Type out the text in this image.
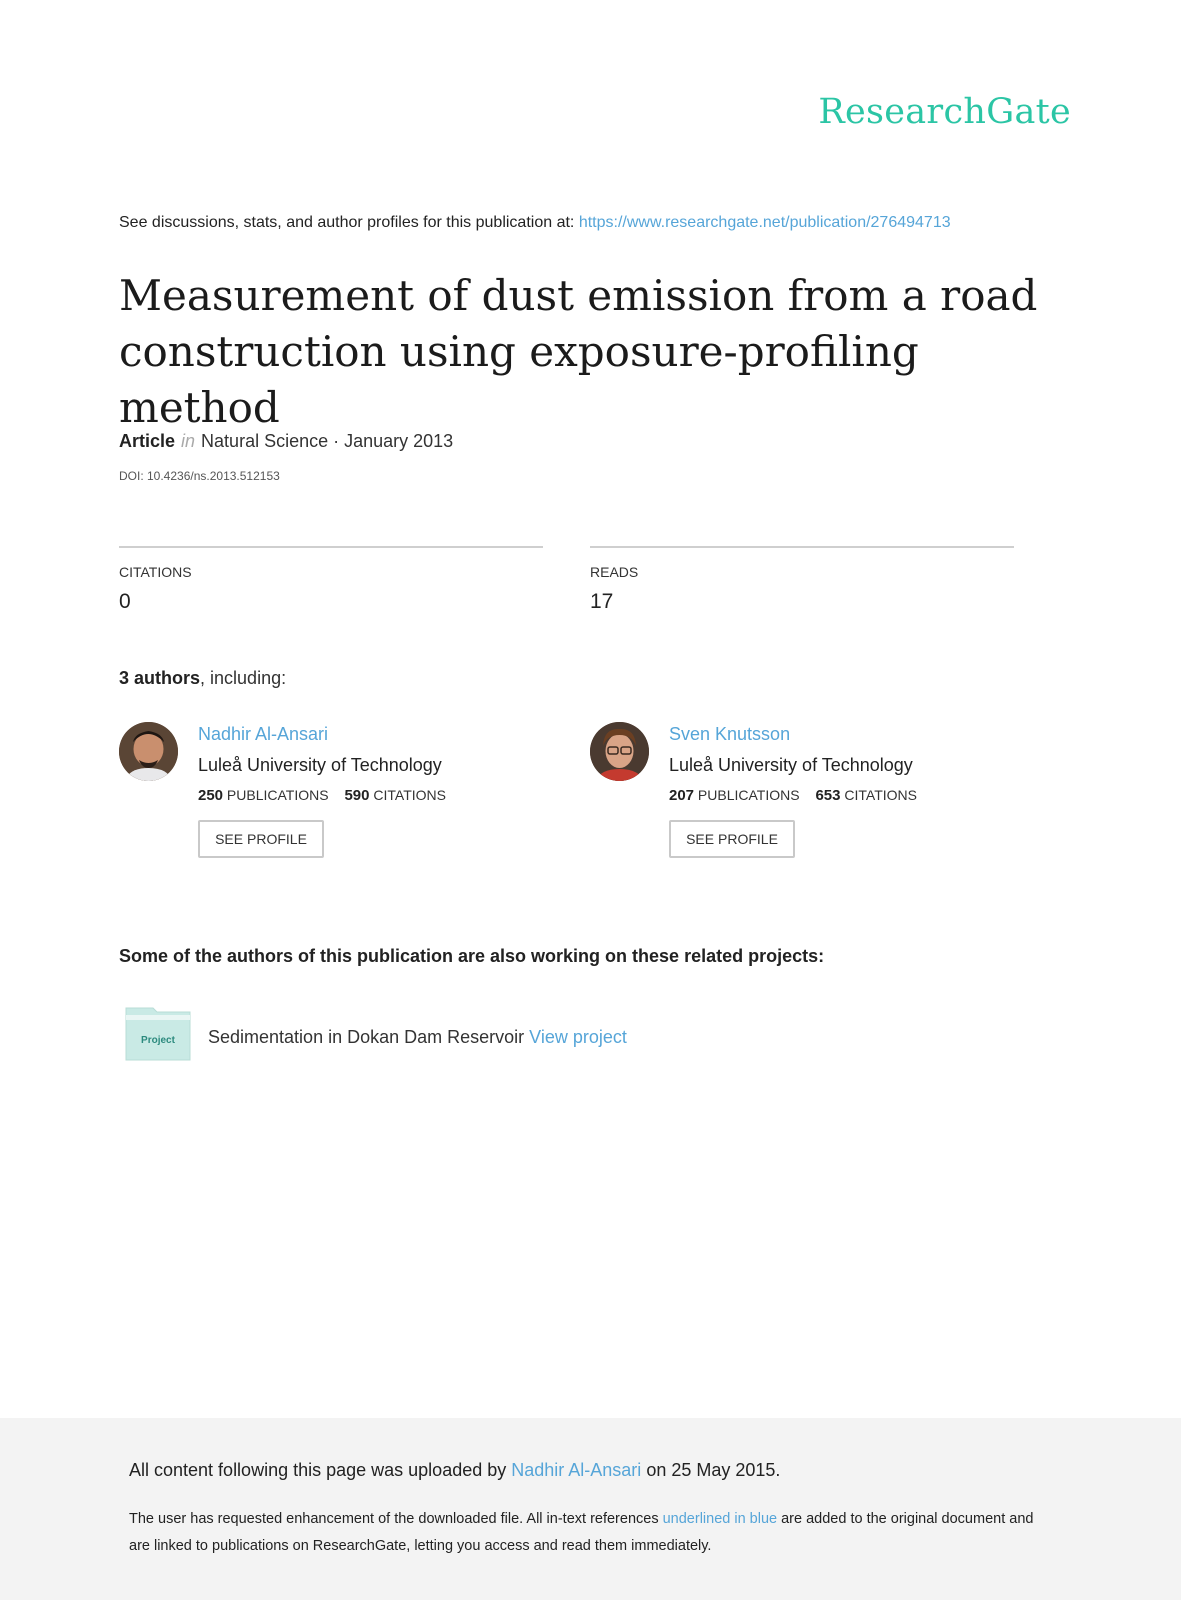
ResearchGate
See discussions, stats, and author profiles for this publication at: https://www.researchgate.net/publication/276494713
Measurement of dust emission from a road construction using exposure-profiling method
Article in Natural Science · January 2013
DOI: 10.4236/ns.2013.512153
CITATIONS
0
READS
17
3 authors, including:
Nadhir Al-Ansari
Luleå University of Technology
250 PUBLICATIONS 590 CITATIONS
SEE PROFILE
Sven Knutsson
Luleå University of Technology
207 PUBLICATIONS 653 CITATIONS
SEE PROFILE
Some of the authors of this publication are also working on these related projects:
Project Sedimentation in Dokan Dam Reservoir View project
All content following this page was uploaded by Nadhir Al-Ansari on 25 May 2015.
The user has requested enhancement of the downloaded file. All in-text references underlined in blue are added to the original document and are linked to publications on ResearchGate, letting you access and read them immediately.
